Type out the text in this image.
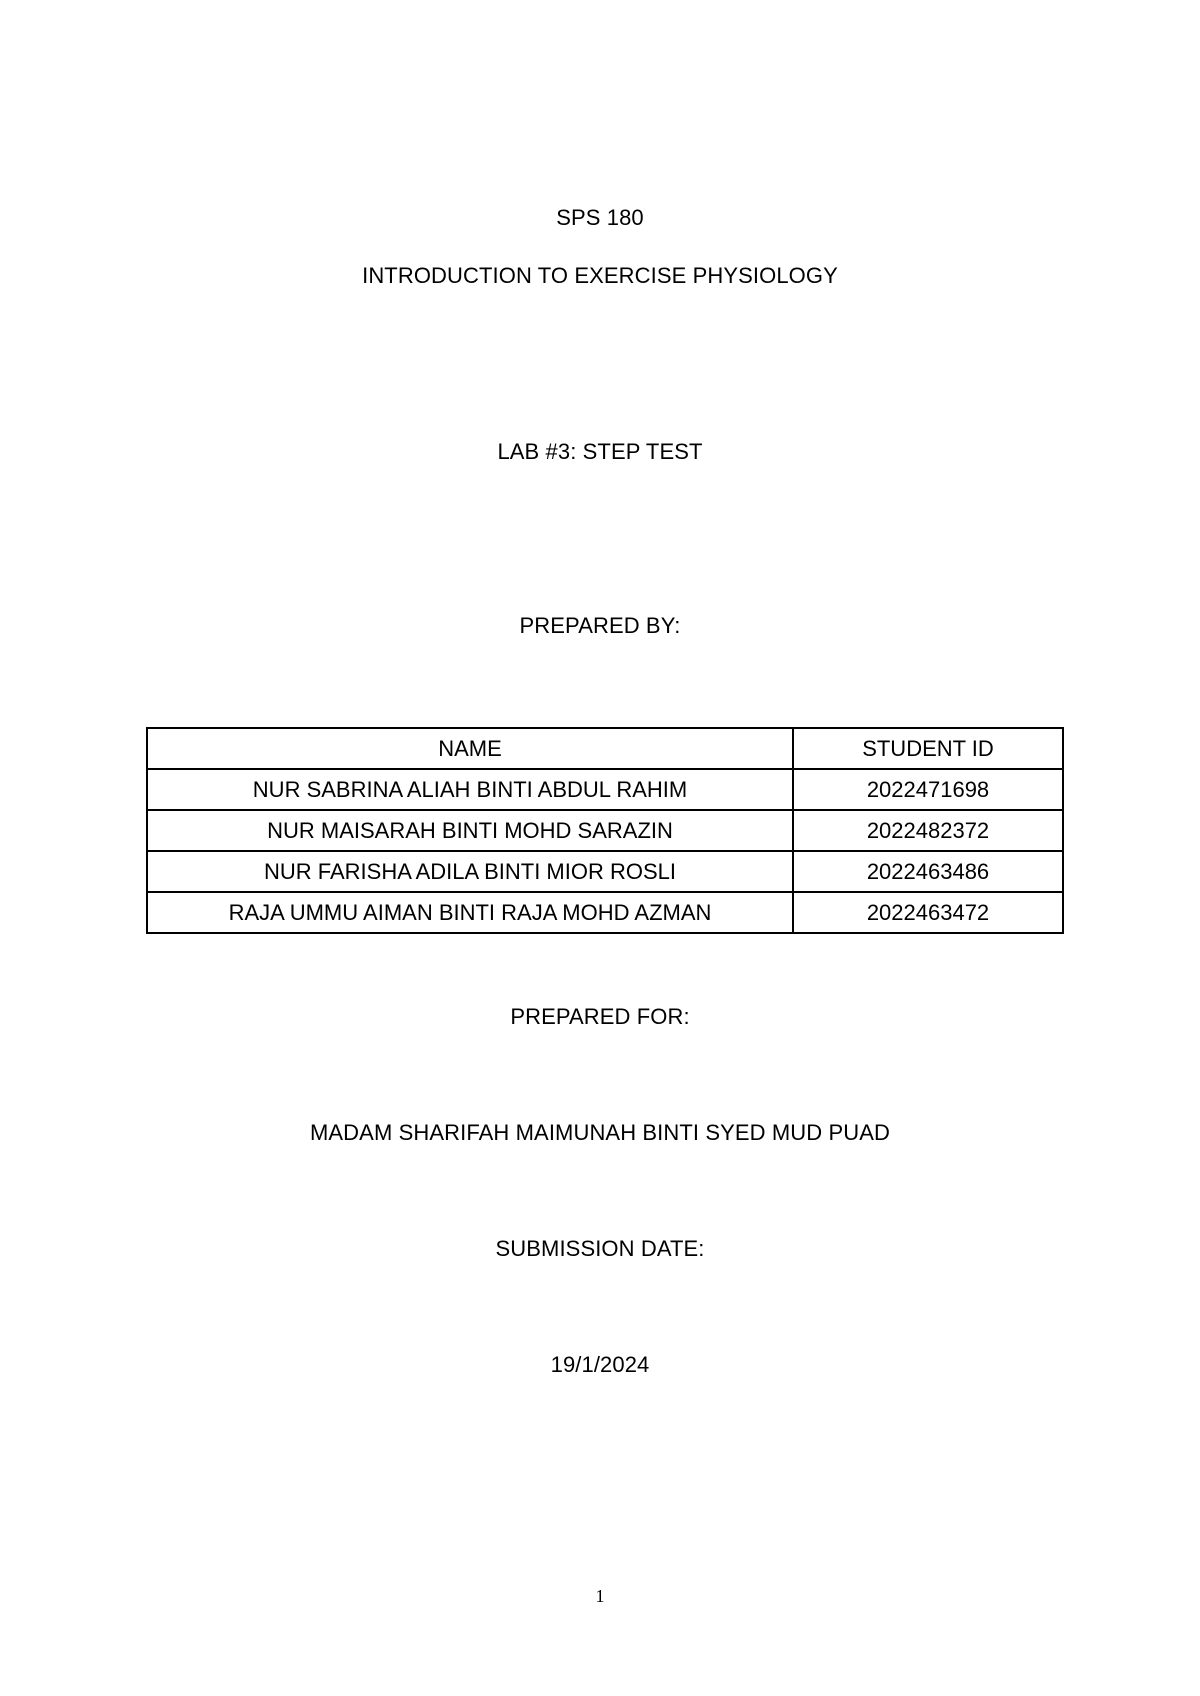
SPS 180
INTRODUCTION TO EXERCISE PHYSIOLOGY
LAB #3: STEP TEST
PREPARED BY:
NAME	STUDENT ID
NUR SABRINA ALIAH BINTI ABDUL RAHIM	2022471698
NUR MAISARAH BINTI MOHD SARAZIN	2022482372
NUR FARISHA ADILA BINTI MIOR ROSLI	2022463486
RAJA UMMU AIMAN BINTI RAJA MOHD AZMAN	2022463472
PREPARED FOR:
MADAM SHARIFAH MAIMUNAH BINTI SYED MUD PUAD
SUBMISSION DATE:
19/1/2024
1
